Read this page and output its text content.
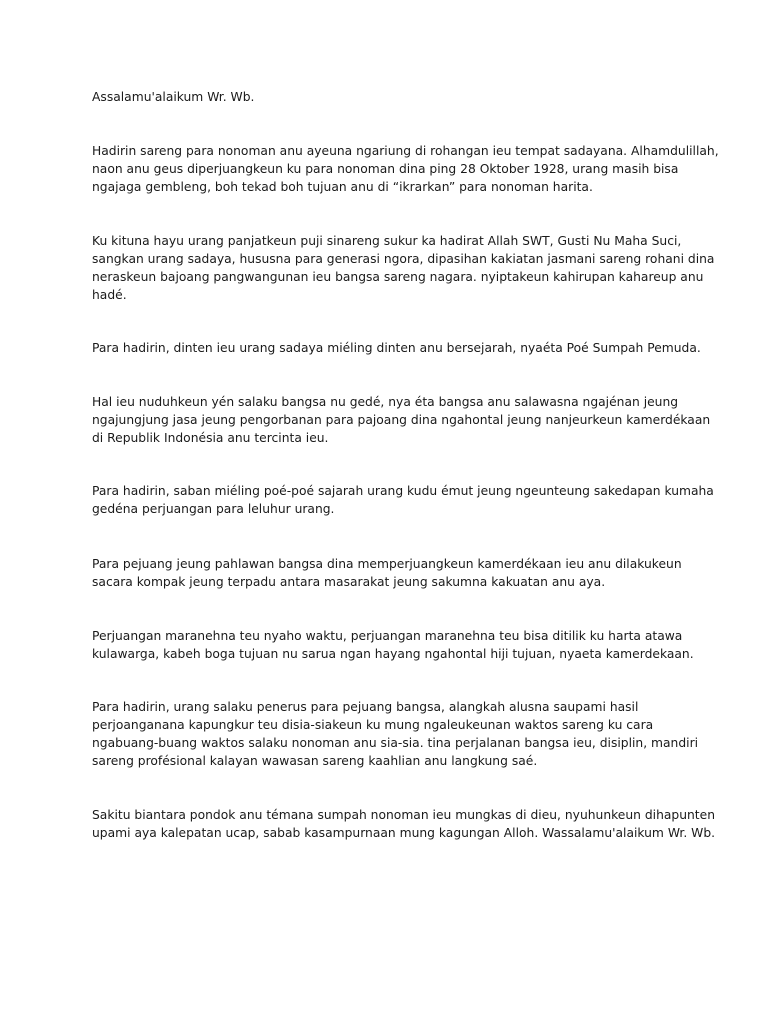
Assalamu'alaikum Wr. Wb.
Hadirin sareng para nonoman anu ayeuna ngariung di rohangan ieu tempat sadayana. Alhamdulillah,
naon anu geus diperjuangkeun ku para nonoman dina ping 28 Oktober 1928, urang masih bisa
ngajaga gembleng, boh tekad boh tujuan anu di “ikrarkan” para nonoman harita.
Ku kituna hayu urang panjatkeun puji sinareng sukur ka hadirat Allah SWT, Gusti Nu Maha Suci,
sangkan urang sadaya, hususna para generasi ngora, dipasihan kakiatan jasmani sareng rohani dina
neraskeun bajoang pangwangunan ieu bangsa sareng nagara. nyiptakeun kahirupan kahareup anu
hadé.
Para hadirin, dinten ieu urang sadaya miéling dinten anu bersejarah, nyaéta Poé Sumpah Pemuda.
Hal ieu nuduhkeun yén salaku bangsa nu gedé, nya éta bangsa anu salawasna ngajénan jeung
ngajungjung jasa jeung pengorbanan para pajoang dina ngahontal jeung nanjeurkeun kamerdékaan
di Republik Indonésia anu tercinta ieu.
Para hadirin, saban miéling poé-poé sajarah urang kudu émut jeung ngeunteung sakedapan kumaha
gedéna perjuangan para leluhur urang.
Para pejuang jeung pahlawan bangsa dina memperjuangkeun kamerdékaan ieu anu dilakukeun
sacara kompak jeung terpadu antara masarakat jeung sakumna kakuatan anu aya.
Perjuangan maranehna teu nyaho waktu, perjuangan maranehna teu bisa ditilik ku harta atawa
kulawarga, kabeh boga tujuan nu sarua ngan hayang ngahontal hiji tujuan, nyaeta kamerdekaan.
Para hadirin, urang salaku penerus para pejuang bangsa, alangkah alusna saupami hasil
perjoanganana kapungkur teu disia-siakeun ku mung ngaleukeunan waktos sareng ku cara
ngabuang-buang waktos salaku nonoman anu sia-sia. tina perjalanan bangsa ieu, disiplin, mandiri
sareng profésional kalayan wawasan sareng kaahlian anu langkung saé.
Sakitu biantara pondok anu témana sumpah nonoman ieu mungkas di dieu, nyuhunkeun dihapunten
upami aya kalepatan ucap, sabab kasampurnaan mung kagungan Alloh. Wassalamu'alaikum Wr. Wb.
